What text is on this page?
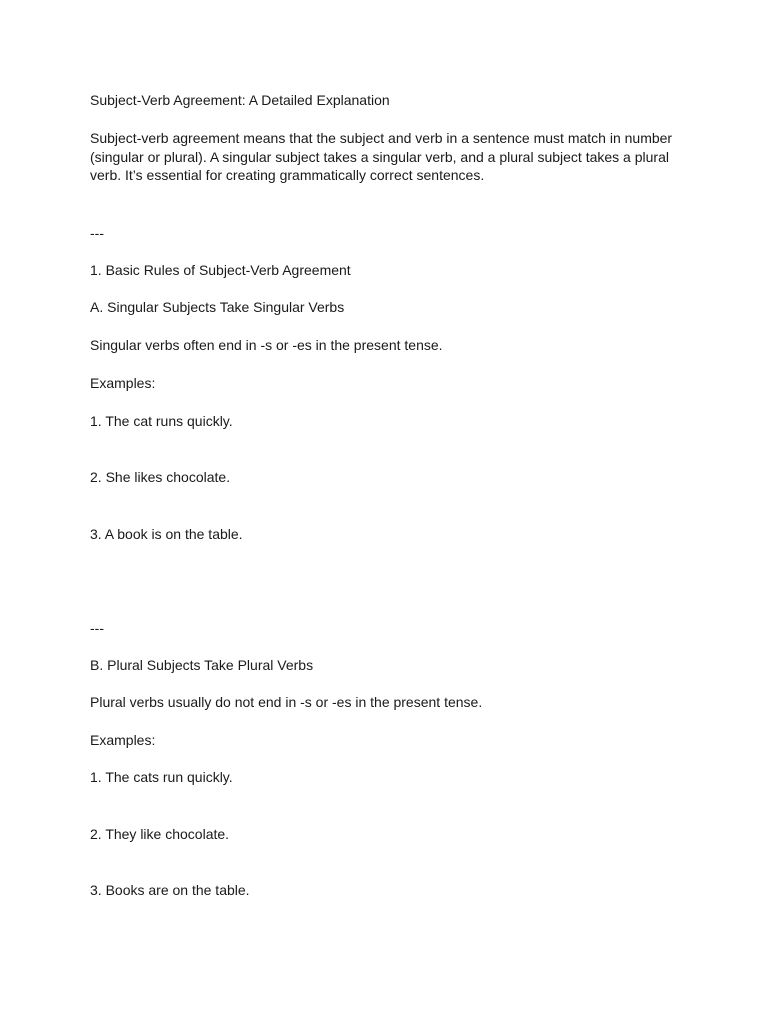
Subject-Verb Agreement: A Detailed Explanation
Subject-verb agreement means that the subject and verb in a sentence must match in number
(singular or plural). A singular subject takes a singular verb, and a plural subject takes a plural
verb. It’s essential for creating grammatically correct sentences.
---
1. Basic Rules of Subject-Verb Agreement
A. Singular Subjects Take Singular Verbs
Singular verbs often end in -s or -es in the present tense.
Examples:
1. The cat runs quickly.
2. She likes chocolate.
3. A book is on the table.
---
B. Plural Subjects Take Plural Verbs
Plural verbs usually do not end in -s or -es in the present tense.
Examples:
1. The cats run quickly.
2. They like chocolate.
3. Books are on the table.
